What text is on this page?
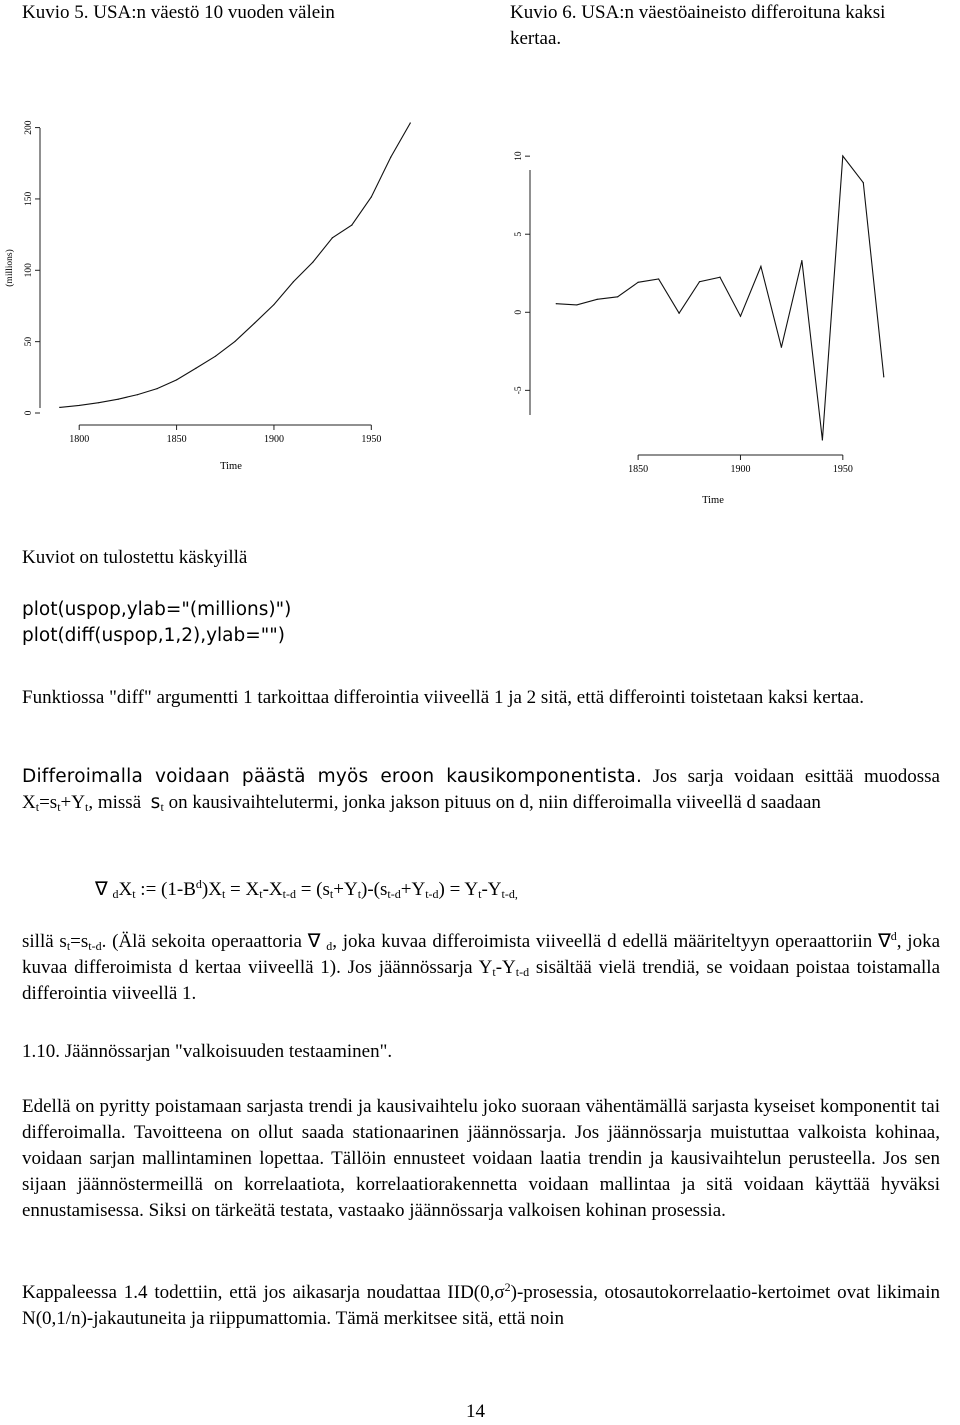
Kuvio 5. USA:n väestö 10 vuoden välein	Kuvio 6. USA:n väestöaineisto differoituna kaksi kertaa.
(millions)
Time
0
50
100
150
200
1800	1850	1900	1950
Time
-5
0
5
10
1850	1900	1950
Kuviot on tulostettu käskyillä
plot(uspop,ylab="(millions)")
plot(diff(uspop,1,2),ylab="")
Funktiossa "diff" argumentti 1 tarkoittaa differointia viiveellä 1 ja 2 sitä, että differointi toistetaan kaksi kertaa.
Differoimalla voidaan päästä myös eroon kausikomponentista. Jos sarja voidaan esittää muodossa $X_t=s_t+Y_t$, missä $s_t$ on kausivaihtelutermi, jonka jakson pituus on d, niin differoimalla viiveellä d saadaan
∇ $_dX_t$ := $(1-B^d)X_t = X_t-X_{t-d} = (s_t+Y_t)-(s_{t-d}+Y_{t-d}) = Y_t-Y_{t-d,}$
sillä $s_t=s_{t-d}$. (Älä sekoita operaattoria ∇ $_d$, joka kuvaa differoimista viiveellä d edellä määriteltyyn operaattoriin ∇$^d$, joka kuvaa differoimista d kertaa viiveellä 1). Jos jäännössarja $Y_t-Y_{t-d}$ sisältää vielä trendiä, se voidaan poistaa toistamalla differointia viiveellä 1.
1.10. Jäännössarjan "valkoisuuden testaaminen".
Edellä on pyritty poistamaan sarjasta trendi ja kausivaihtelu joko suoraan vähentämällä sarjasta kyseiset komponentit tai differoimalla. Tavoitteena on ollut saada stationaarinen jäännössarja. Jos jäännössarja muistuttaa valkoista kohinaa, voidaan sarjan mallintaminen lopettaa. Tällöin ennusteet voidaan laatia trendin ja kausivaihtelun perusteella. Jos sen sijaan jäännöstermeillä on korrelaatiota, korrelaatiorakennetta voidaan mallintaa ja sitä voidaan käyttää hyväksi ennustamisessa. Siksi on tärkeätä testata, vastaako jäännössarja valkoisen kohinan prosessia.
Kappaleessa 1.4 todettiin, että jos aikasarja noudattaa $IID(0,\sigma^2)$-prosessia, otosautokorrelaatio-kertoimet ovat likimain N(0,1/n)-jakautuneita ja riippumattomia. Tämä merkitsee sitä, että noin
14
